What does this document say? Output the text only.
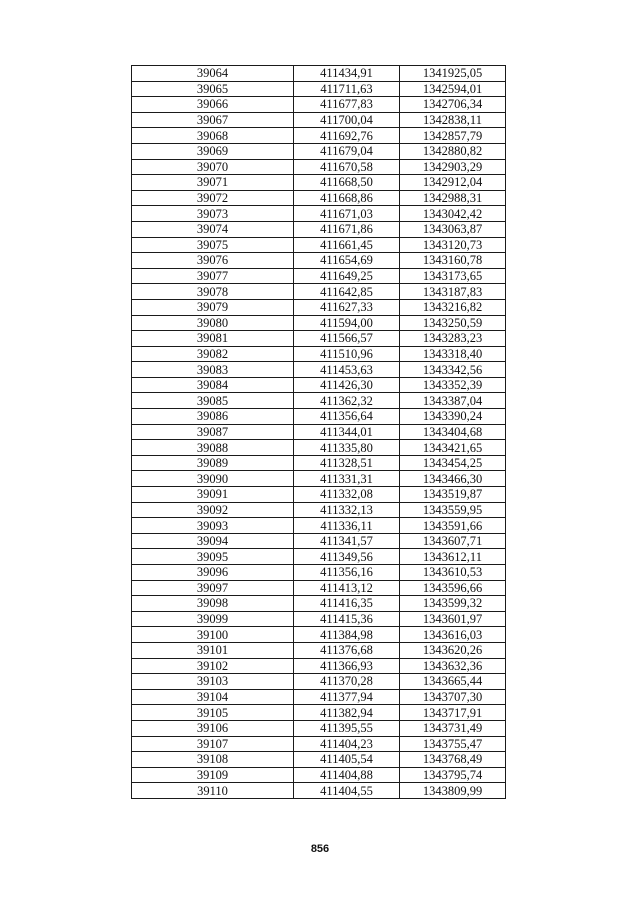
39064	411434,91	1341925,05
39065	411711,63	1342594,01
39066	411677,83	1342706,34
39067	411700,04	1342838,11
39068	411692,76	1342857,79
39069	411679,04	1342880,82
39070	411670,58	1342903,29
39071	411668,50	1342912,04
39072	411668,86	1342988,31
39073	411671,03	1343042,42
39074	411671,86	1343063,87
39075	411661,45	1343120,73
39076	411654,69	1343160,78
39077	411649,25	1343173,65
39078	411642,85	1343187,83
39079	411627,33	1343216,82
39080	411594,00	1343250,59
39081	411566,57	1343283,23
39082	411510,96	1343318,40
39083	411453,63	1343342,56
39084	411426,30	1343352,39
39085	411362,32	1343387,04
39086	411356,64	1343390,24
39087	411344,01	1343404,68
39088	411335,80	1343421,65
39089	411328,51	1343454,25
39090	411331,31	1343466,30
39091	411332,08	1343519,87
39092	411332,13	1343559,95
39093	411336,11	1343591,66
39094	411341,57	1343607,71
39095	411349,56	1343612,11
39096	411356,16	1343610,53
39097	411413,12	1343596,66
39098	411416,35	1343599,32
39099	411415,36	1343601,97
39100	411384,98	1343616,03
39101	411376,68	1343620,26
39102	411366,93	1343632,36
39103	411370,28	1343665,44
39104	411377,94	1343707,30
39105	411382,94	1343717,91
39106	411395,55	1343731,49
39107	411404,23	1343755,47
39108	411405,54	1343768,49
39109	411404,88	1343795,74
39110	411404,55	1343809,99
856
